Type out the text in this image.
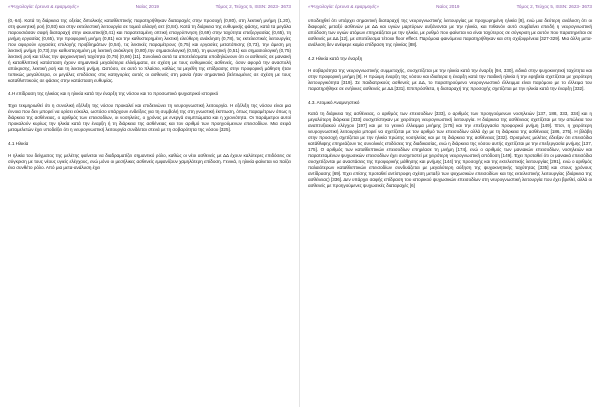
«Ψυχολογία: έρευνα & εφαρμογές»	Ναίος 2019	Τόμος 2, Τεύχος 5, ISSN: 2623- 3673

(0,·64). Κατά τη διάρκεια της οξείας διπολικής καταθλιπτικής παρατηρήθηκαν διαταραχές στην προσοχή (0,80), στη λεκτική μνήμη (1,20), στη φωνητική ροή (0,93) και στην εκτελεστική λειτουργία σε τομεά αλλαγή σετ (0,84). Κατά τη διάρκεια της ευθυμικής φάσης, κατά τα μεγάλα παρουσιάσαν σαφή διαταραχή στην ακουστική(0,41) και παρατεταμένη οπτική επαγρύπνηση (0,69) στην ταχύτητα επεξεργασίας (0,65), τη μνήμη εργασίας (0,65), την προφορική μνήμη (0,81) και την καθυστερημένη λεκτική ελεύθερη ανάκληση (0,78), τις εκτελεστικές λειτουργίες που αφορούν εργασίες επιλογής προβλημάτων (0,54), τις λεκτικές παραμέτρους (0,75) και εργασίες μετατόπισης (0,73), την άμεση μη λεκτική μνήμη (0,73),την καθυστερημένη μη λεκτική ανάκληση (0,80),την σημασιολογική (0,55), τη φωνητική (0,51) και σημασιολογική (0,75) λεκτική ροή και τέλος την ψυχοκινητική ταχύτητα (0,75) (0,66) [11]. Συνολικά αυτά τα αποτελέσματα υποδηλώνουν ότι οι ασθενείς σε μανιακή ή καταθλιπτική κατάσταση έχουν σημαντικά μεγαλύτερα ελλείμματα, σε σχέση με τους ευθυμικούς ασθενείς, όσον αφορά την αναστολή απόκρισης, λεκτική ροή και τη λεκτική μνήμη. Ωστόσο, σε αυτό το πλαίσιο, καθώς τα μεγέθη της επίδρασης στην προφορική μάθηση ήταν τυπικώς μεγαλύτερα, οι μεγάλες επιδόσεις στις κατηγορίες αυτές οι ασθενείς στη μανία ήταν σημαντικά βελτιωμένες σε σχέση με τους καταθλιπτικούς σε φάσεις στην κατάσταση ευθυμίας.

4.Η επίδραση της ηλικίας και η ηλικία κατά την έναρξη της νόσου και το προσωπικό ψυχιατρικό ιστορικό

Έχει τεκμηριωθεί ότι η συνολική εξέλιξη της νόσου προκαλεί και επιδεινώνει τη νευρογνωστική λειτουργία. Η εξέλιξη της νόσου είναι μια έννοια που δεν μπορεί να ορίσει εύκολα, ωστόσο υπάρχουν ενδείξεις για τη συμβολή της στη γνωστική έκπτωση, όπως παραμέτρων όπως η διάρκεια της ασθένειας, ο αριθμός των επεισοδίων, οι νοσηλείες, ο χρόνος με ενεργά συμπτώματα και η χρονιότητα. Οι παράμετροι αυτοί προκαλούν κυρίως την ηλικία κατά την έναρξη ή τη διάρκεια της ασθένειας και τον αριθμό των προηγούμενων επεισοδίων. Μια σειρά μεταμελετών έχει υποδείξει ότι η νευρογνωστική λειτουργία συνδέεται στενά με τη σοβαρότητα της νόσου [325].

4.1 Ηλικία

Η ηλικία του δείγματος της μελέτης φαίνεται να διαδραματίζει σημαντικό ρόλο, καθώς οι νέοι ασθενείς με ΔΔ έχουν καλύτερες επιδόσεις σε σύγκριση με τους νέους υγιείς ελέγχους, ενώ μόνο οι μεσήλικες ασθενείς εμφανίζουν χαμηλότερη επίδοση. Γενικά, η ηλικία φαίνεται να παίζει ένα συνθέτο ρόλο. Από μια μετα-ανάλυση έχει

«Ψυχολογία: έρευνα & εφαρμογές»	Ναίος 2019	Τόμος 2, Τεύχος 5, ISSN: 2623- 3673

υποδειχθεί ότι υπάρχει σημαντική διαταραχή της νευρογνωστικής λειτουργίας με προχωρημένη ηλικία [8], ενώ μια δεύτερη ανάλυση ότι οι διαφορές μεταξύ ασθενών με ΔΔ και υγιών μαρτύρων αυξάνονται με την ηλικία, και πιθανόν αυτό συμβαίνει επειδή η νευρογνωστική απόδοση των υγιών ατόμων επηρεάζεται με την ηλικία, με ρυθμό που φαίνεται να είναι ταχύτερος σε σύγκριση με αυτόν που παρατηρείται σε ασθενείς με ΔΔ [12], με αποτέλεσμα τέτοιοι floor effect. Παρόμοια φαινόμενα παρατηρήθηκαν και στη σχιζοφρένεια [327-329]. Μια άλλη μετα-ανάλυση δεν ανέφερε καμία επίδραση της ηλικίας [88].

4.2 Ηλικία κατά την έναρξη

Η σοβαρότητα της νευρογνωστικής συμμετοχής, συσχετίζεται με την ηλικία κατά την έναρξη [94, 330], ειδικά στην ψυχοκινητική ταχύτητα και στην προφορική μνήμη [9]. Η πρώιμη έναρξη της νόσου και ιδιαίτερα η έναρξη κατά την παιδική ηλικία ή την εφηβεία σχετίζεται με χειρότερη λειτουργικότητα [319]. Σε παιδιατρικούς ασθενείς με ΔΔ, το παρατηρούμενο νευρογνωστικό έλλειμμα είναι παρόμοιο με το έλλειμα του παρατηρήθηκε σε ενήλικες ασθενείς με ΔΔ [331]. Επιπρόσθετα, η διαταραχή της προσοχής σχετίζεται με την ηλικία κατά την έναρξη [332].

4.3. Ατομικό Αναμνηστικό

Κατά τη διάρκεια της ασθένειας, ο αριθμός των επεισοδίων [333], ο αριθμός των προηγούμενων νοσηλειών [137, 188, 333, 334] και η μεγαλύτερη διάρκεια [333] συσχετίστηκαν με χειρότερη νευρογνωστική λειτουργία. Η διάρκεια της ασθένειας σχετίζεται με την απώλεια του αναπτυξιακού ελέγχου [197] και με το γενικό έλλειμμα μνήμης [175] και την επεξεργασία προφορικό μνήμη [149]. Έτσι, η χειρότερη νευρογνωστική λειτουργία μπορεί να σχετίζεται με τον αριθμό των επεισοδίων αλλά όχι με τη διάρκεια της ασθένειας [186, 275]. Η βλάβη στην προσοχή σχετίζεται με την ηλικία πρώτης νοσηλείας και με τη διάρκεια της ασθένειας [332]. Ορισμένες μελέτες έδειξαν ότι επεισόδια κατάθλιψης επηρεάζουν τις συνολικές επιδόσεις της διαδικασίας, ενώ η διάρκεια της νόσου αυτής σχετίζεται με την επεξεργασία μνήμης [137, 175]. Ο αριθμός των καταθλιπτικών επεισοδίων επηρέασε τη μνήμη [174], ενώ ο αριθμός των μανιακών επεισοδίων, νοσηλειών και παρατεταμένων ψυχωσικών επεισοδίων έχει συσχετιστεί με χειρότερη νευρογνωστική απόδοση [149]. Έχει προταθεί ότι οι μανιακά επεισόδια συσχετίζονται με αναστάσεις της προφορικής μάθησης και μνήμης [144] της προσοχής και της εκτελεστικής λειτουργίας [291], ενώ ο αριθμός παλαιότερων καταθλιπτικών επεισοδίων συνδυάζεται με μεγαλύτερη αύξηση της ψυχοκινητικής ταχύτητας [335] και στους χρόνους αντίδρασης [69]. Έχει επίσης προταθεί αντίστροφη σχέση μεταξύ των ψυχωσικών επεισοδίων και της εκτελεστικής λειτουργίας (διάρκεια της ασθένειας) [336]. Δεν υπάρχει σαφής επίδραση του ιστορικού ψυχωσικών επεισοδίων στη νευρογνωστική λειτουργία που έχει βρεθεί, αλλά οι ασθενείς με προηγούμενες ψυχωσικές διαταραχές [6]
